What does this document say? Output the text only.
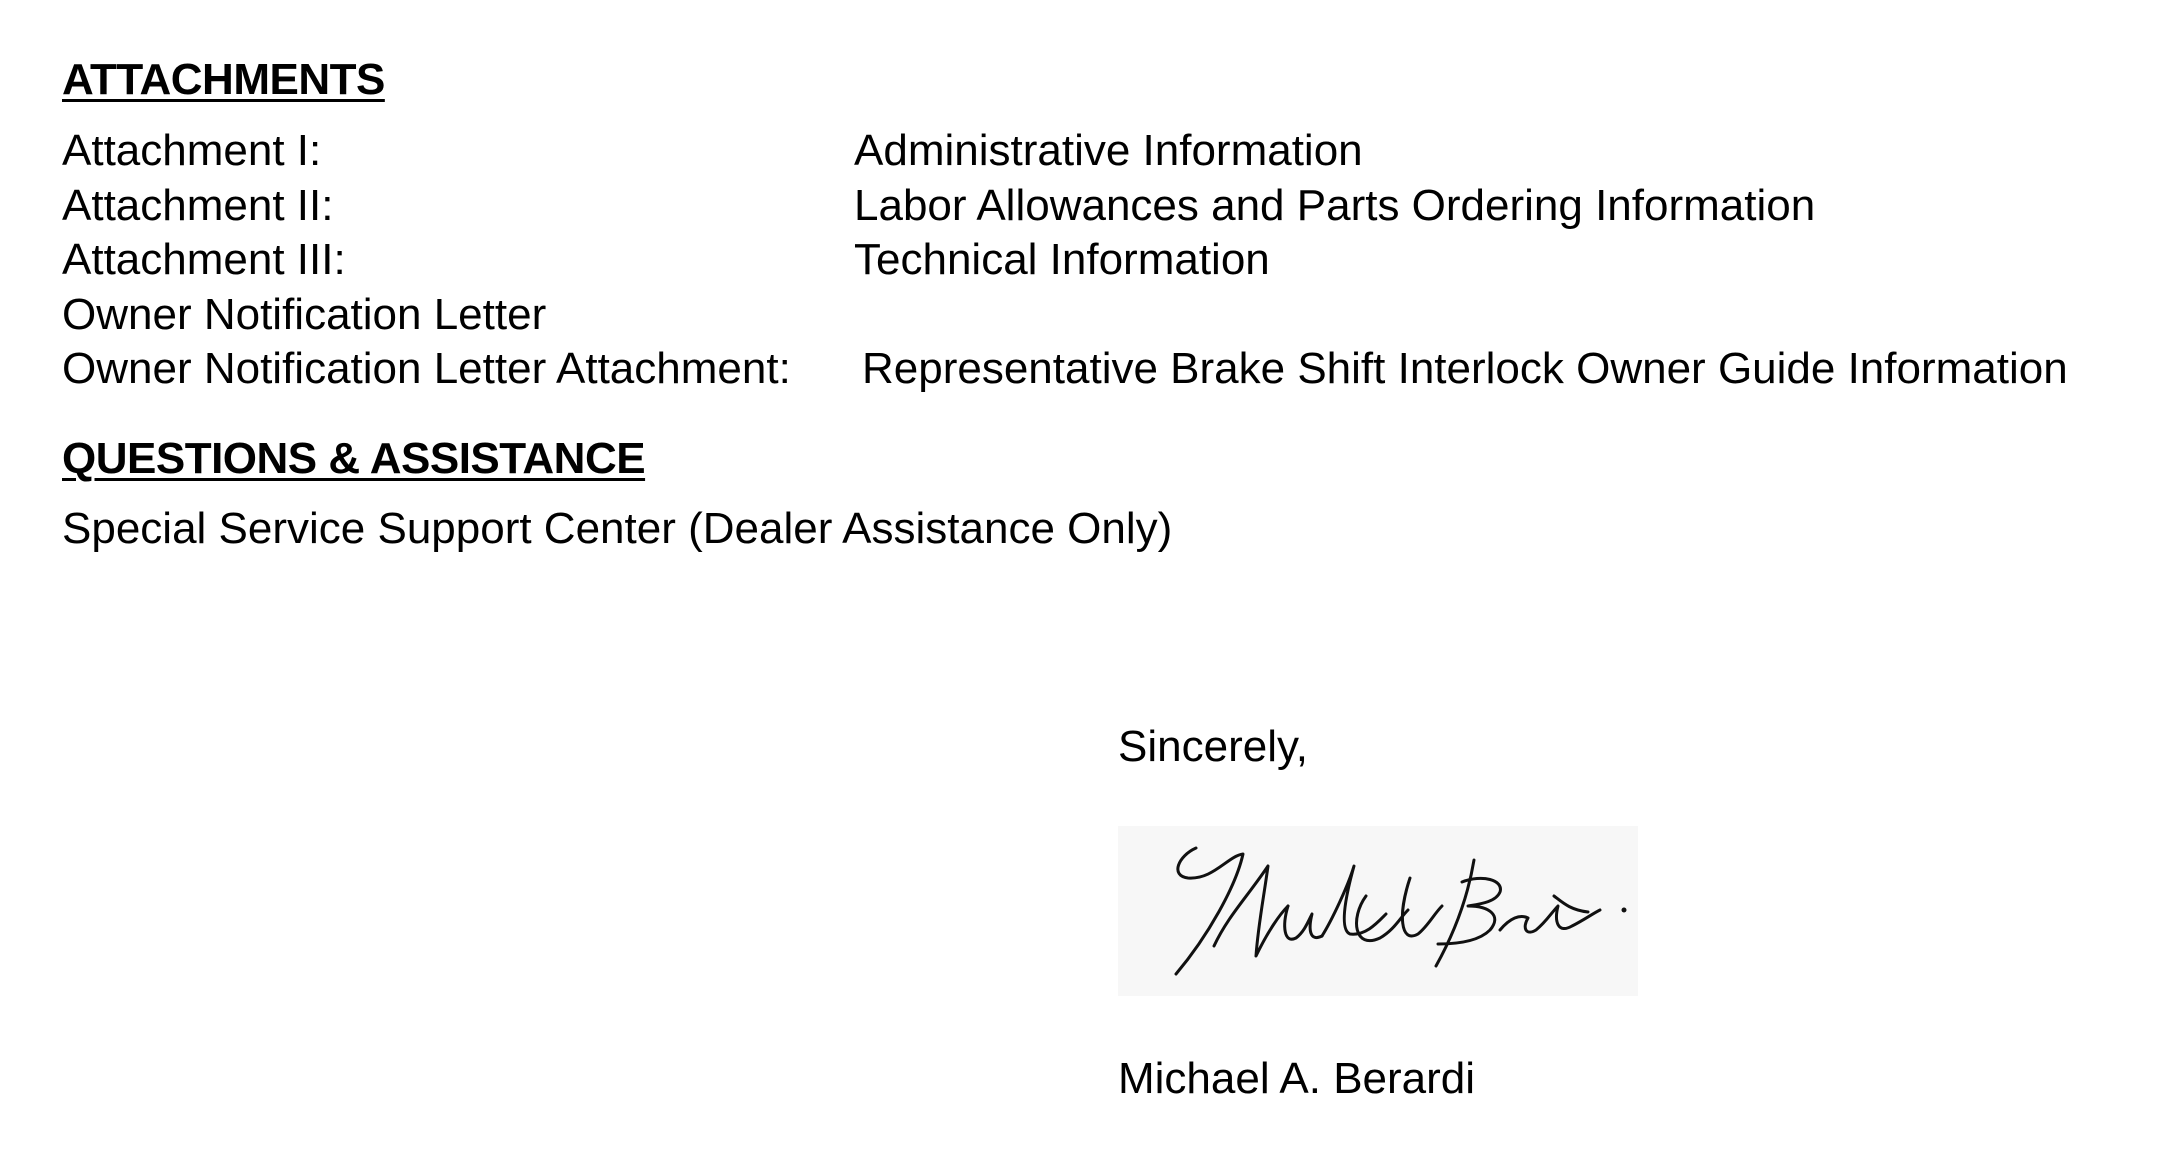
ATTACHMENTS
Attachment I:	Administrative Information
Attachment II:	Labor Allowances and Parts Ordering Information
Attachment III:	Technical Information
Owner Notification Letter
Owner Notification Letter Attachment: Representative Brake Shift Interlock Owner Guide Information
QUESTIONS & ASSISTANCE
Special Service Support Center (Dealer Assistance Only)
Sincerely,
Michael A. Berardi
